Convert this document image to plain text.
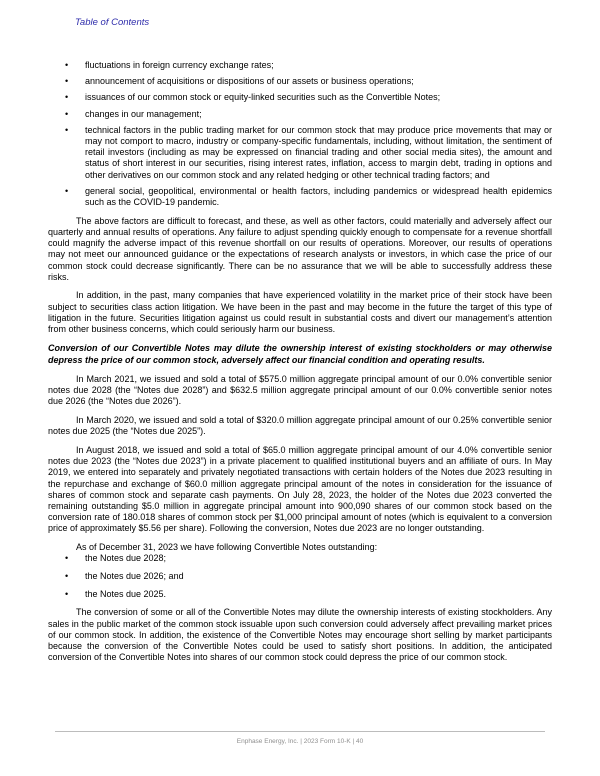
Table of Contents
• fluctuations in foreign currency exchange rates;
• announcement of acquisitions or dispositions of our assets or business operations;
• issuances of our common stock or equity-linked securities such as the Convertible Notes;
• changes in our management;
• technical factors in the public trading market for our common stock that may produce price movements that may or may not comport to macro, industry or company-specific fundamentals, including, without limitation, the sentiment of retail investors (including as may be expressed on financial trading and other social media sites), the amount and status of short interest in our securities, rising interest rates, inflation, access to margin debt, trading in options and other derivatives on our common stock and any related hedging or other technical trading factors; and
• general social, geopolitical, environmental or health factors, including pandemics or widespread health epidemics such as the COVID-19 pandemic.

The above factors are difficult to forecast, and these, as well as other factors, could materially and adversely affect our quarterly and annual results of operations. Any failure to adjust spending quickly enough to compensate for a revenue shortfall could magnify the adverse impact of this revenue shortfall on our results of operations. Moreover, our results of operations may not meet our announced guidance or the expectations of research analysts or investors, in which case the price of our common stock could decrease significantly. There can be no assurance that we will be able to successfully address these risks.

In addition, in the past, many companies that have experienced volatility in the market price of their stock have been subject to securities class action litigation. We have been in the past and may become in the future the target of this type of litigation in the future. Securities litigation against us could result in substantial costs and divert our management’s attention from other business concerns, which could seriously harm our business.

Conversion of our Convertible Notes may dilute the ownership interest of existing stockholders or may otherwise depress the price of our common stock, adversely affect our financial condition and operating results.

In March 2021, we issued and sold a total of $575.0 million aggregate principal amount of our 0.0% convertible senior notes due 2028 (the “Notes due 2028”) and $632.5 million aggregate principal amount of our 0.0% convertible senior notes due 2026 (the “Notes due 2026”).

In March 2020, we issued and sold a total of $320.0 million aggregate principal amount of our 0.25% convertible senior notes due 2025 (the “Notes due 2025”).

In August 2018, we issued and sold a total of $65.0 million aggregate principal amount of our 4.0% convertible senior notes due 2023 (the “Notes due 2023”) in a private placement to qualified institutional buyers and an affiliate of ours. In May 2019, we entered into separately and privately negotiated transactions with certain holders of the Notes due 2023 resulting in the repurchase and exchange of $60.0 million aggregate principal amount of the notes in consideration for the issuance of shares of common stock and separate cash payments. On July 28, 2023, the holder of the Notes due 2023 converted the remaining outstanding $5.0 million in aggregate principal amount into 900,090 shares of our common stock based on the conversion rate of 180.018 shares of common stock per $1,000 principal amount of notes (which is equivalent to a conversion price of approximately $5.56 per share). Following the conversion, Notes due 2023 are no longer outstanding.

As of December 31, 2023 we have following Convertible Notes outstanding:

• the Notes due 2028;
• the Notes due 2026; and
• the Notes due 2025.

The conversion of some or all of the Convertible Notes may dilute the ownership interests of existing stockholders. Any sales in the public market of the common stock issuable upon such conversion could adversely affect prevailing market prices of our common stock. In addition, the existence of the Convertible Notes may encourage short selling by market participants because the conversion of the Convertible Notes could be used to satisfy short positions. In addition, the anticipated conversion of the Convertible Notes into shares of our common stock could depress the price of our common stock.

Enphase Energy, Inc. | 2023 Form 10-K | 40
